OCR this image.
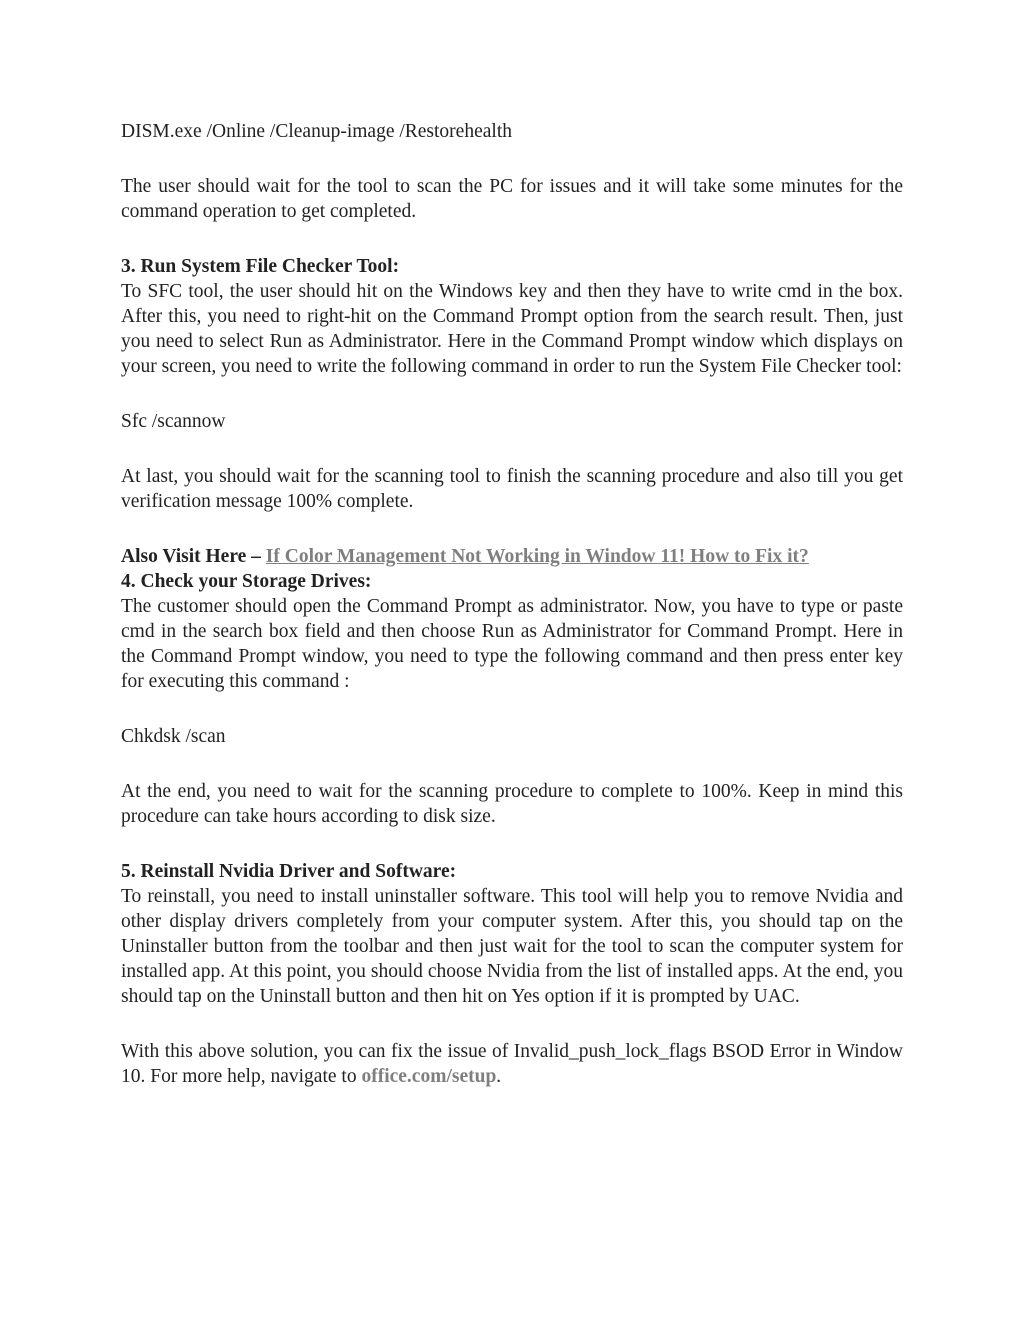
DISM.exe /Online /Cleanup-image /Restorehealth

The user should wait for the tool to scan the PC for issues and it will take some minutes for the command operation to get completed.

3. Run System File Checker Tool:

To SFC tool, the user should hit on the Windows key and then they have to write cmd in the box. After this, you need to right-hit on the Command Prompt option from the search result. Then, just you need to select Run as Administrator. Here in the Command Prompt window which displays on your screen, you need to write the following command in order to run the System File Checker tool:

Sfc /scannow

At last, you should wait for the scanning tool to finish the scanning procedure and also till you get verification message 100% complete.

Also Visit Here – If Color Management Not Working in Window 11! How to Fix it?

4. Check your Storage Drives:

The customer should open the Command Prompt as administrator. Now, you have to type or paste cmd in the search box field and then choose Run as Administrator for Command Prompt. Here in the Command Prompt window, you need to type the following command and then press enter key for executing this command :

Chkdsk /scan

At the end, you need to wait for the scanning procedure to complete to 100%. Keep in mind this procedure can take hours according to disk size.

5. Reinstall Nvidia Driver and Software:

To reinstall, you need to install uninstaller software. This tool will help you to remove Nvidia and other display drivers completely from your computer system. After this, you should tap on the Uninstaller button from the toolbar and then just wait for the tool to scan the computer system for installed app. At this point, you should choose Nvidia from the list of installed apps. At the end, you should tap on the Uninstall button and then hit on Yes option if it is prompted by UAC.

With this above solution, you can fix the issue of Invalid_push_lock_flags BSOD Error in Window 10. For more help, navigate to office.com/setup.
